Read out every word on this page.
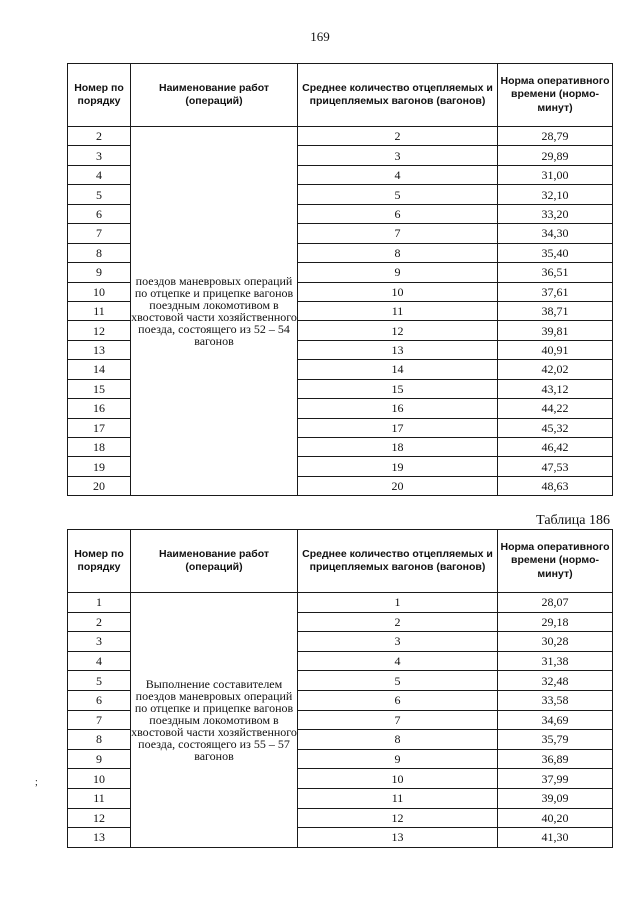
169
Номер по порядку	Наименование работ (операций)	Среднее количество отцепляемых и прицепляемых вагонов (вагонов)	Норма оперативного времени (нормо-минут)
2	поездов маневровых операций по отцепке и прицепке вагонов поездным локомотивом в хвостовой части хозяйственного поезда, состоящего из 52 – 54 вагонов	2	28,79
3		3	29,89
4		4	31,00
5		5	32,10
6		6	33,20
7		7	34,30
8		8	35,40
9		9	36,51
10		10	37,61
11		11	38,71
12		12	39,81
13		13	40,91
14		14	42,02
15		15	43,12
16		16	44,22
17		17	45,32
18		18	46,42
19		19	47,53
20		20	48,63
Таблица 186
Номер по порядку	Наименование работ (операций)	Среднее количество отцепляемых и прицепляемых вагонов (вагонов)	Норма оперативного времени (нормо-минут)
1	Выполнение составителем поездов маневровых операций по отцепке и прицепке вагонов поездным локомотивом в хвостовой части хозяйственного поезда, состоящего из 55 – 57 вагонов	1	28,07
2		2	29,18
3		3	30,28
4		4	31,38
5		5	32,48
6		6	33,58
7		7	34,69
8		8	35,79
9		9	36,89
10		10	37,99
11		11	39,09
12		12	40,20
13		13	41,30
;
